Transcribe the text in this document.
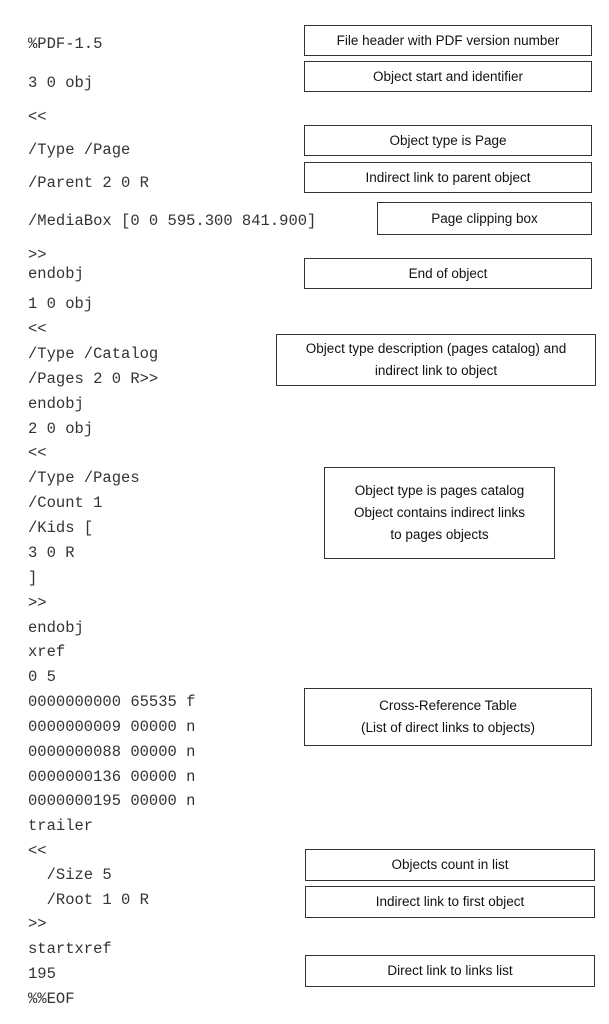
%PDF-1.5
3 0 obj
<<
/Type /Page
/Parent 2 0 R
/MediaBox [0 0 595.300 841.900]
>>
endobj
1 0 obj
<<
/Type /Catalog
/Pages 2 0 R>>
endobj
2 0 obj
<<
/Type /Pages
/Count 1
/Kids [
3 0 R
]
>>
endobj
xref
0 5
0000000000 65535 f
0000000009 00000 n
0000000088 00000 n
0000000136 00000 n
0000000195 00000 n
trailer
<<
/Size 5
/Root 1 0 R
>>
startxref
195
%%EOF
File header with PDF version number
Object start and identifier
Object type is Page
Indirect link to parent object
Page clipping box
End of object
Object type description (pages catalog) and
indirect link to object
Object type is pages catalog
Object contains indirect links
to pages objects
Cross-Reference Table
(List of direct links to objects)
Objects count in list
Indirect link to first object
Direct link to links list
